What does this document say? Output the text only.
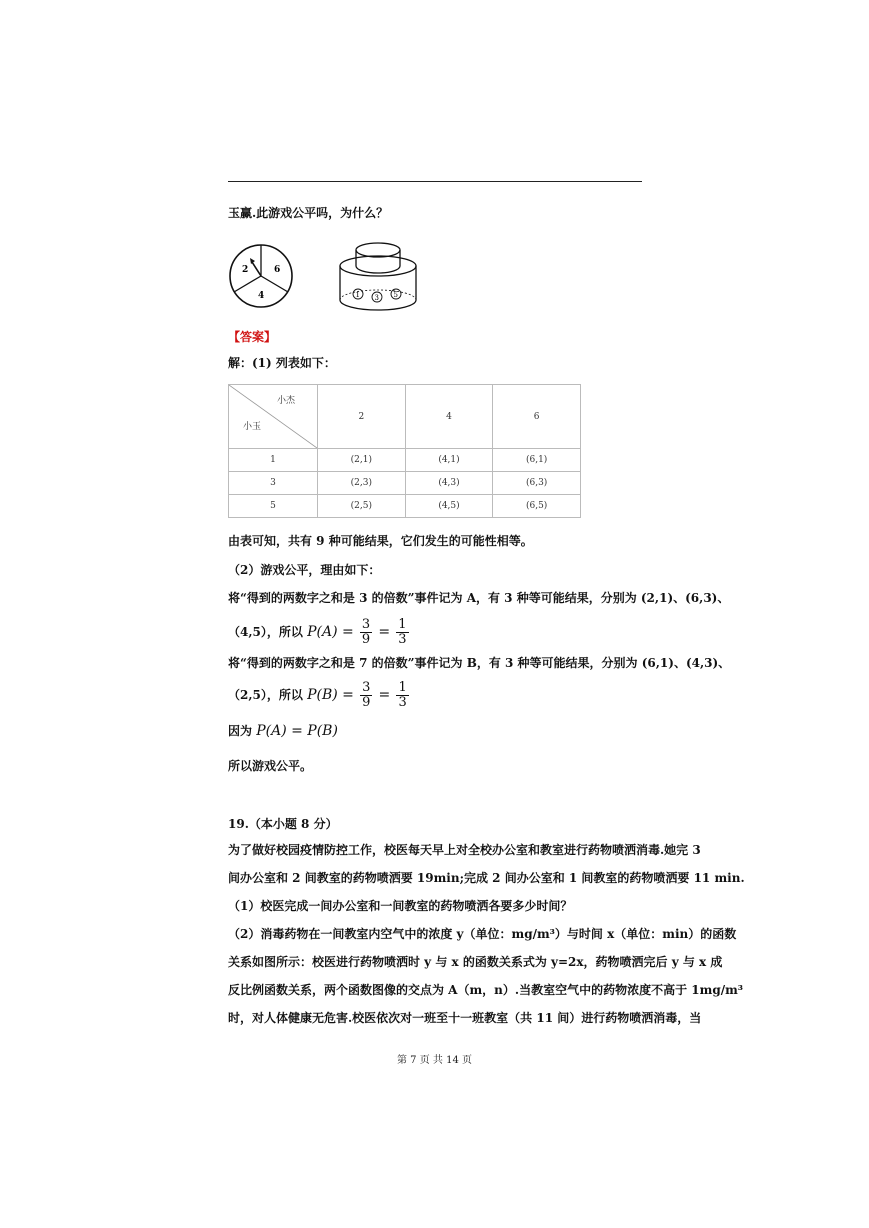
玉赢.此游戏公平吗，为什么？
2	6
4	1 3 5
【答案】
解：(1) 列表如下：
小杰
小玉	2	4	6
1	(2,1)	(4,1)	(6,1)
3	(2,3)	(4,3)	(6,3)
5	(2,5)	(4,5)	(6,5)
由表可知，共有 9 种可能结果，它们发生的可能性相等。
（2）游戏公平，理由如下：
将“得到的两数字之和是 3 的倍数”事件记为 A，有 3 种等可能结果，分别为 (2,1)、(6,3)、
（4,5），所以 $P(A) = \frac{3}{9} = \frac{1}{3}$
将“得到的两数字之和是 7 的倍数”事件记为 B，有 3 种等可能结果，分别为 (6,1)、(4,3)、
（2,5），所以 $P(B) = \frac{3}{9} = \frac{1}{3}$
因为 P(A) = P(B)
所以游戏公平。
19.（本小题 8 分）
为了做好校园疫情防控工作，校医每天早上对全校办公室和教室进行药物喷洒消毒.她完 3
间办公室和 2 间教室的药物喷洒要 19min;完成 2 间办公室和 1 间教室的药物喷洒要 11 min.
（1）校医完成一间办公室和一间教室的药物喷洒各要多少时间？
（2）消毒药物在一间教室内空气中的浓度 y（单位：mg/m³）与时间 x（单位：min）的函数
关系如图所示：校医进行药物喷洒时 y 与 x 的函数关系式为 y=2x，药物喷洒完后 y 与 x 成
反比例函数关系，两个函数图像的交点为 A（m，n）.当教室空气中的药物浓度不高于 1mg/m³
时，对人体健康无危害.校医依次对一班至十一班教室（共 11 间）进行药物喷洒消毒，当
第 7 页 共 14 页
